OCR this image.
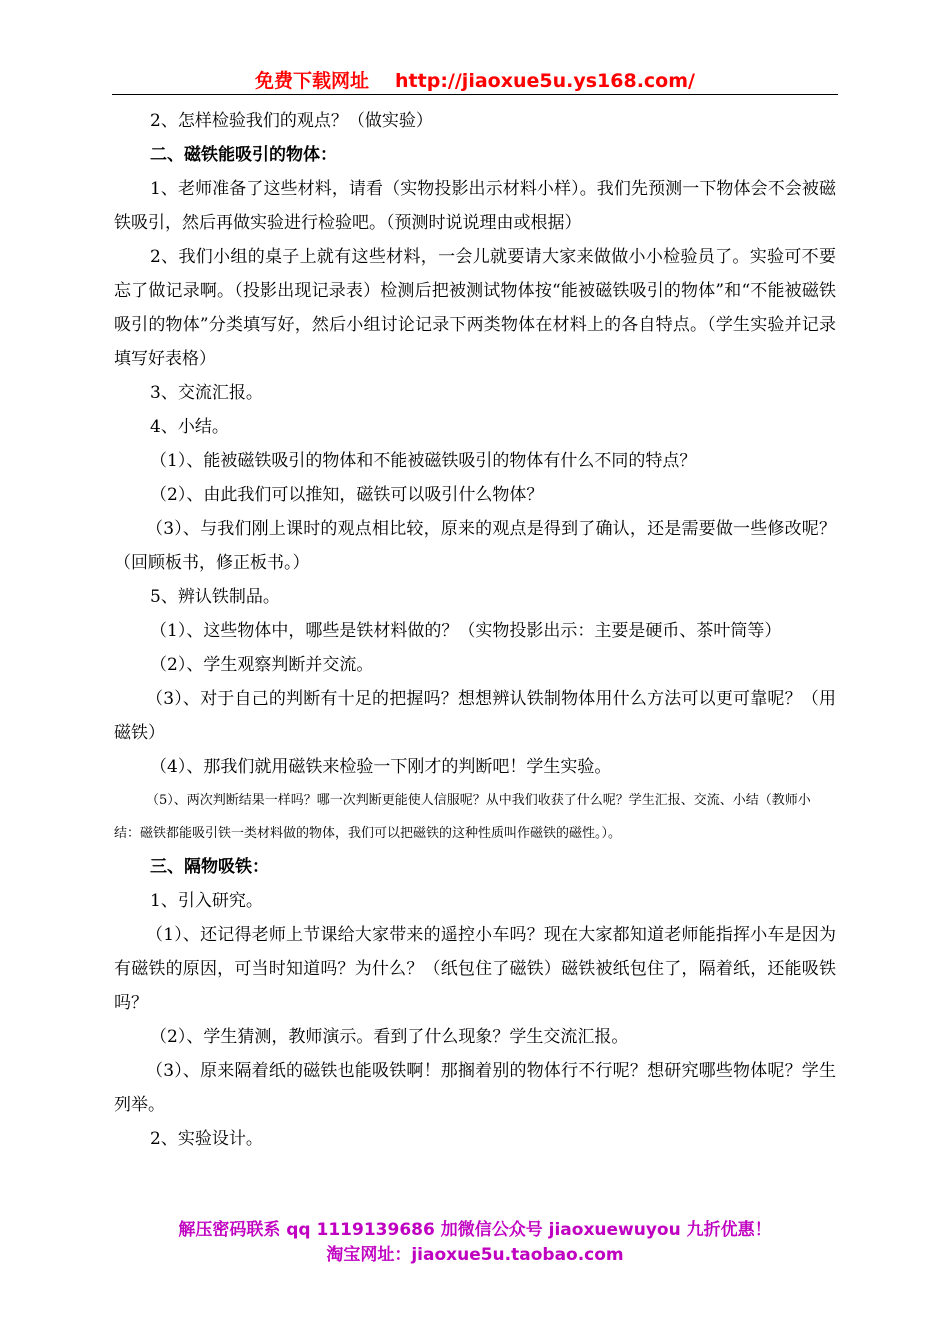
免费下载网址 http://jiaoxue5u.ys168.com/

2、怎样检验我们的观点？（做实验）

二、磁铁能吸引的物体：

1、老师准备了这些材料，请看（实物投影出示材料小样）。我们先预测一下物体会不会被磁铁吸引，然后再做实验进行检验吧。（预测时说说理由或根据）

2、我们小组的桌子上就有这些材料，一会儿就要请大家来做做小小检验员了。实验可不要忘了做记录啊。（投影出现记录表）检测后把被测试物体按“能被磁铁吸引的物体”和“不能被磁铁吸引的物体”分类填写好，然后小组讨论记录下两类物体在材料上的各自特点。（学生实验并记录填写好表格）

3、交流汇报。

4、小结。

（1）、能被磁铁吸引的物体和不能被磁铁吸引的物体有什么不同的特点？

（2）、由此我们可以推知，磁铁可以吸引什么物体？

（3）、与我们刚上课时的观点相比较，原来的观点是得到了确认，还是需要做一些修改呢？（回顾板书，修正板书。）

5、辨认铁制品。

（1）、这些物体中，哪些是铁材料做的？（实物投影出示：主要是硬币、茶叶筒等）

（2）、学生观察判断并交流。

（3）、对于自己的判断有十足的把握吗？想想辨认铁制物体用什么方法可以更可靠呢？（用磁铁）

（4）、那我们就用磁铁来检验一下刚才的判断吧！学生实验。

（5）、两次判断结果一样吗？哪一次判断更能使人信服呢？从中我们收获了什么呢？学生汇报、交流、小结（教师小结：磁铁都能吸引铁一类材料做的物体，我们可以把磁铁的这种性质叫作磁铁的磁性。）。

三、隔物吸铁：

1、引入研究。

（1）、还记得老师上节课给大家带来的遥控小车吗？现在大家都知道老师能指挥小车是因为有磁铁的原因，可当时知道吗？为什么？（纸包住了磁铁）磁铁被纸包住了，隔着纸，还能吸铁吗？

（2）、学生猜测，教师演示。看到了什么现象？学生交流汇报。

（3）、原来隔着纸的磁铁也能吸铁啊！那搁着别的物体行不行呢？想研究哪些物体呢？学生列举。

2、实验设计。

解压密码联系 qq 1119139686 加微信公众号 jiaoxuewuyou 九折优惠！
淘宝网址：jiaoxue5u.taobao.com
